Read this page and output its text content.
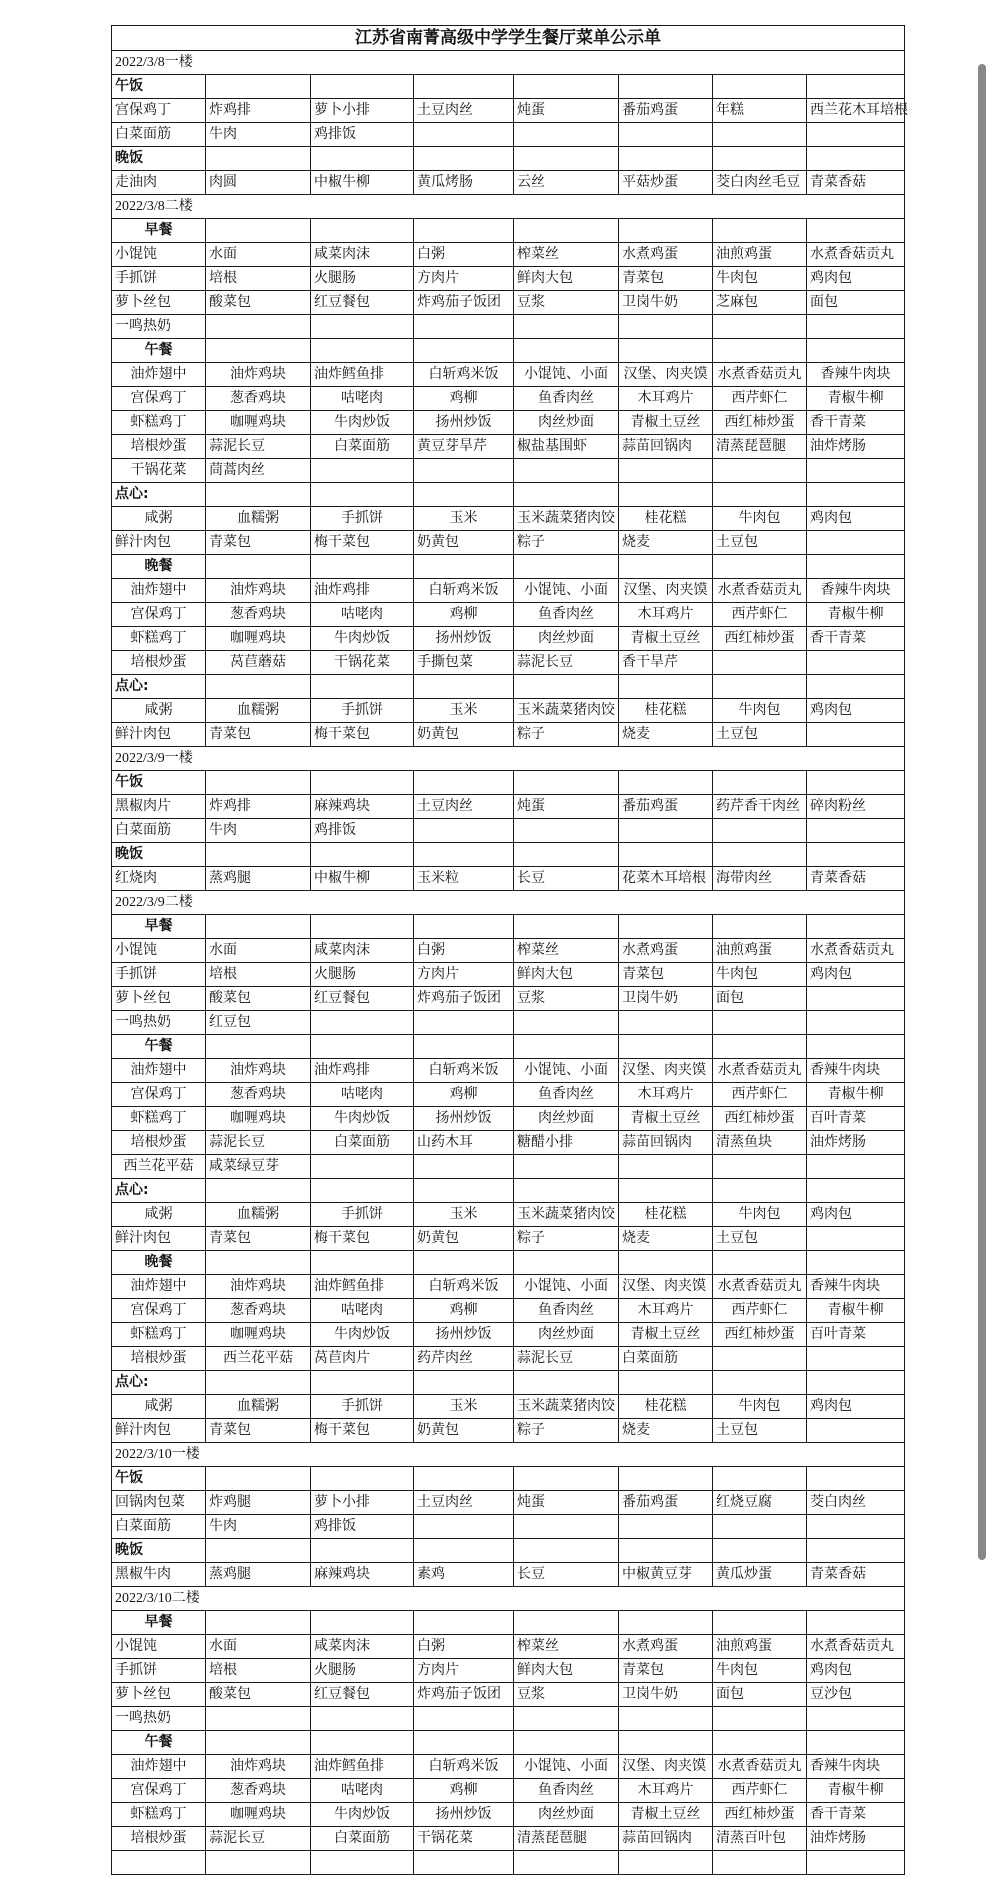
江苏省南菁高级中学学生餐厅菜单公示单							
2022/3/8一楼							
午饭							
宫保鸡丁	炸鸡排	萝卜小排	土豆肉丝	炖蛋	番茄鸡蛋	年糕	西兰花木耳培根
白菜面筋	牛肉	鸡排饭					
晚饭							
走油肉	肉圆	中椒牛柳	黄瓜烤肠	云丝	平菇炒蛋	茭白肉丝毛豆	青菜香菇
2022/3/8二楼							
早餐							
小馄饨	水面	咸菜肉沫	白粥	榨菜丝	水煮鸡蛋	油煎鸡蛋	水煮香菇贡丸
手抓饼	培根	火腿肠	方肉片	鲜肉大包	青菜包	牛肉包	鸡肉包
萝卜丝包	酸菜包	红豆餐包	炸鸡茄子饭团	豆浆	卫岗牛奶	芝麻包	面包
一鸣热奶							
午餐							
油炸翅中	油炸鸡块	油炸鳕鱼排	白斩鸡米饭	小馄饨、小面	汉堡、肉夹馍	水煮香菇贡丸	香辣牛肉块
宫保鸡丁	葱香鸡块	咕咾肉	鸡柳	鱼香肉丝	木耳鸡片	西芹虾仁	青椒牛柳
虾糕鸡丁	咖喱鸡块	牛肉炒饭	扬州炒饭	肉丝炒面	青椒土豆丝	西红柿炒蛋	香干青菜
培根炒蛋	蒜泥长豆	白菜面筋	黄豆芽旱芹	椒盐基围虾	蒜苗回锅肉	清蒸琵琶腿	油炸烤肠
干锅花菜	茼蒿肉丝						
点心:							
咸粥	血糯粥	手抓饼	玉米	玉米蔬菜猪肉饺	桂花糕	牛肉包	鸡肉包
鲜汁肉包	青菜包	梅干菜包	奶黄包	粽子	烧麦	土豆包	
晚餐							
油炸翅中	油炸鸡块	油炸鸡排	白斩鸡米饭	小馄饨、小面	汉堡、肉夹馍	水煮香菇贡丸	香辣牛肉块
宫保鸡丁	葱香鸡块	咕咾肉	鸡柳	鱼香肉丝	木耳鸡片	西芹虾仁	青椒牛柳
虾糕鸡丁	咖喱鸡块	牛肉炒饭	扬州炒饭	肉丝炒面	青椒土豆丝	西红柿炒蛋	香干青菜
培根炒蛋	莴苣蘑菇	干锅花菜	手撕包菜	蒜泥长豆	香干旱芹		
点心:							
咸粥	血糯粥	手抓饼	玉米	玉米蔬菜猪肉饺	桂花糕	牛肉包	鸡肉包
鲜汁肉包	青菜包	梅干菜包	奶黄包	粽子	烧麦	土豆包	
2022/3/9一楼							
午饭							
黑椒肉片	炸鸡排	麻辣鸡块	土豆肉丝	炖蛋	番茄鸡蛋	药芹香干肉丝	碎肉粉丝
白菜面筋	牛肉	鸡排饭					
晚饭							
红烧肉	蒸鸡腿	中椒牛柳	玉米粒	长豆	花菜木耳培根	海带肉丝	青菜香菇
2022/3/9二楼							
早餐							
小馄饨	水面	咸菜肉沫	白粥	榨菜丝	水煮鸡蛋	油煎鸡蛋	水煮香菇贡丸
手抓饼	培根	火腿肠	方肉片	鲜肉大包	青菜包	牛肉包	鸡肉包
萝卜丝包	酸菜包	红豆餐包	炸鸡茄子饭团	豆浆	卫岗牛奶	面包	
一鸣热奶	红豆包						
午餐							
油炸翅中	油炸鸡块	油炸鸡排	白斩鸡米饭	小馄饨、小面	汉堡、肉夹馍	水煮香菇贡丸	香辣牛肉块
宫保鸡丁	葱香鸡块	咕咾肉	鸡柳	鱼香肉丝	木耳鸡片	西芹虾仁	青椒牛柳
虾糕鸡丁	咖喱鸡块	牛肉炒饭	扬州炒饭	肉丝炒面	青椒土豆丝	西红柿炒蛋	百叶青菜
培根炒蛋	蒜泥长豆	白菜面筋	山药木耳	糖醋小排	蒜苗回锅肉	清蒸鱼块	油炸烤肠
西兰花平菇	咸菜绿豆芽						
点心:							
咸粥	血糯粥	手抓饼	玉米	玉米蔬菜猪肉饺	桂花糕	牛肉包	鸡肉包
鲜汁肉包	青菜包	梅干菜包	奶黄包	粽子	烧麦	土豆包	
晚餐							
油炸翅中	油炸鸡块	油炸鳕鱼排	白斩鸡米饭	小馄饨、小面	汉堡、肉夹馍	水煮香菇贡丸	香辣牛肉块
宫保鸡丁	葱香鸡块	咕咾肉	鸡柳	鱼香肉丝	木耳鸡片	西芹虾仁	青椒牛柳
虾糕鸡丁	咖喱鸡块	牛肉炒饭	扬州炒饭	肉丝炒面	青椒土豆丝	西红柿炒蛋	百叶青菜
培根炒蛋	西兰花平菇	莴苣肉片	药芹肉丝	蒜泥长豆	白菜面筋		
点心:							
咸粥	血糯粥	手抓饼	玉米	玉米蔬菜猪肉饺	桂花糕	牛肉包	鸡肉包
鲜汁肉包	青菜包	梅干菜包	奶黄包	粽子	烧麦	土豆包	
2022/3/10一楼							
午饭							
回锅肉包菜	炸鸡腿	萝卜小排	土豆肉丝	炖蛋	番茄鸡蛋	红烧豆腐	茭白肉丝
白菜面筋	牛肉	鸡排饭					
晚饭							
黑椒牛肉	蒸鸡腿	麻辣鸡块	素鸡	长豆	中椒黄豆芽	黄瓜炒蛋	青菜香菇
2022/3/10二楼							
早餐							
小馄饨	水面	咸菜肉沫	白粥	榨菜丝	水煮鸡蛋	油煎鸡蛋	水煮香菇贡丸
手抓饼	培根	火腿肠	方肉片	鲜肉大包	青菜包	牛肉包	鸡肉包
萝卜丝包	酸菜包	红豆餐包	炸鸡茄子饭团	豆浆	卫岗牛奶	面包	豆沙包
一鸣热奶							
午餐							
油炸翅中	油炸鸡块	油炸鳕鱼排	白斩鸡米饭	小馄饨、小面	汉堡、肉夹馍	水煮香菇贡丸	香辣牛肉块
宫保鸡丁	葱香鸡块	咕咾肉	鸡柳	鱼香肉丝	木耳鸡片	西芹虾仁	青椒牛柳
虾糕鸡丁	咖喱鸡块	牛肉炒饭	扬州炒饭	肉丝炒面	青椒土豆丝	西红柿炒蛋	香干青菜
培根炒蛋	蒜泥长豆	白菜面筋	干锅花菜	清蒸琵琶腿	蒜苗回锅肉	清蒸百叶包	油炸烤肠
